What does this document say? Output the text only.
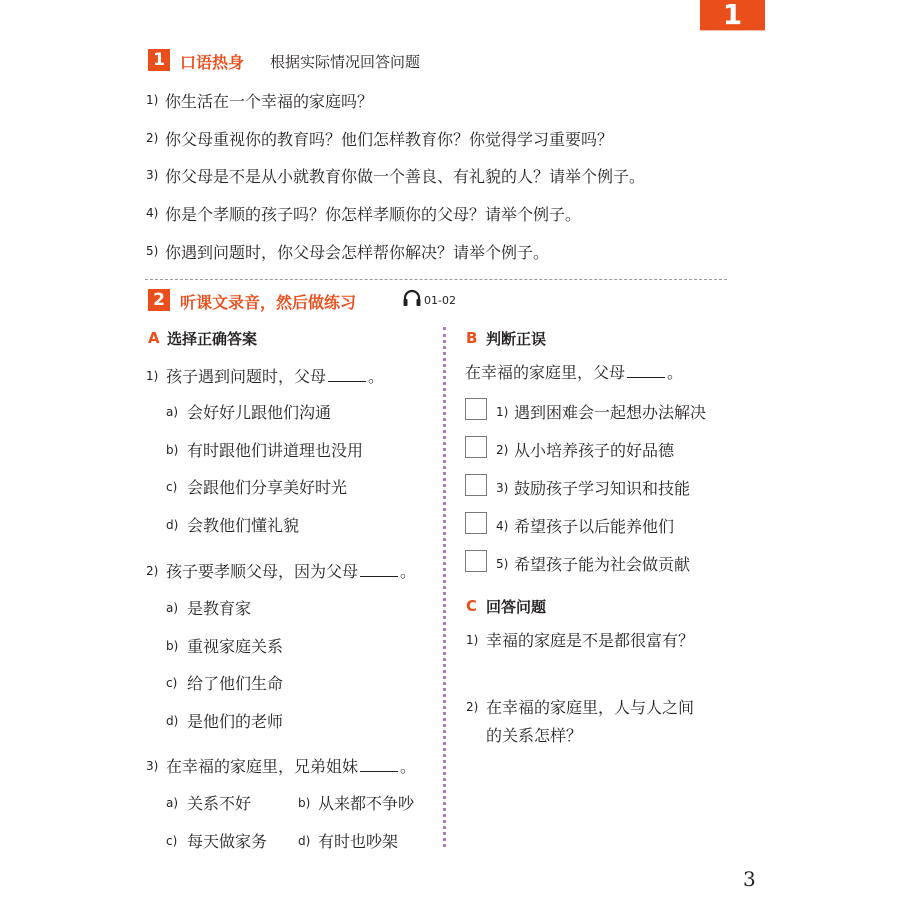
1
1 口语热身 根据实际情况回答问题
1) 你生活在一个幸福的家庭吗？
2) 你父母重视你的教育吗？他们怎样教育你？你觉得学习重要吗？
3) 你父母是不是从小就教育你做一个善良、有礼貌的人？请举个例子。
4) 你是个孝顺的孩子吗？你怎样孝顺你的父母？请举个例子。
5) 你遇到问题时，你父母会怎样帮你解决？请举个例子。
2 听课文录音，然后做练习	01-02
A 选择正确答案
1) 孩子遇到问题时，父母	。
a) 会好好儿跟他们沟通
b) 有时跟他们讲道理也没用
c) 会跟他们分享美好时光
d) 会教他们懂礼貌
2) 孩子要孝顺父母，因为父母	。
a) 是教育家
b) 重视家庭关系
c) 给了他们生命
d) 是他们的老师
3) 在幸福的家庭里，兄弟姐妹	。
a) 关系不好	b) 从来都不争吵
c) 每天做家务	d) 有时也吵架
B 判断正误
在幸福的家庭里，父母	。
1) 遇到困难会一起想办法解决
2) 从小培养孩子的好品德
3) 鼓励孩子学习知识和技能
4) 希望孩子以后能养他们
5) 希望孩子能为社会做贡献
C 回答问题
1) 幸福的家庭是不是都很富有？
2) 在幸福的家庭里，人与人之间
的关系怎样？
3
